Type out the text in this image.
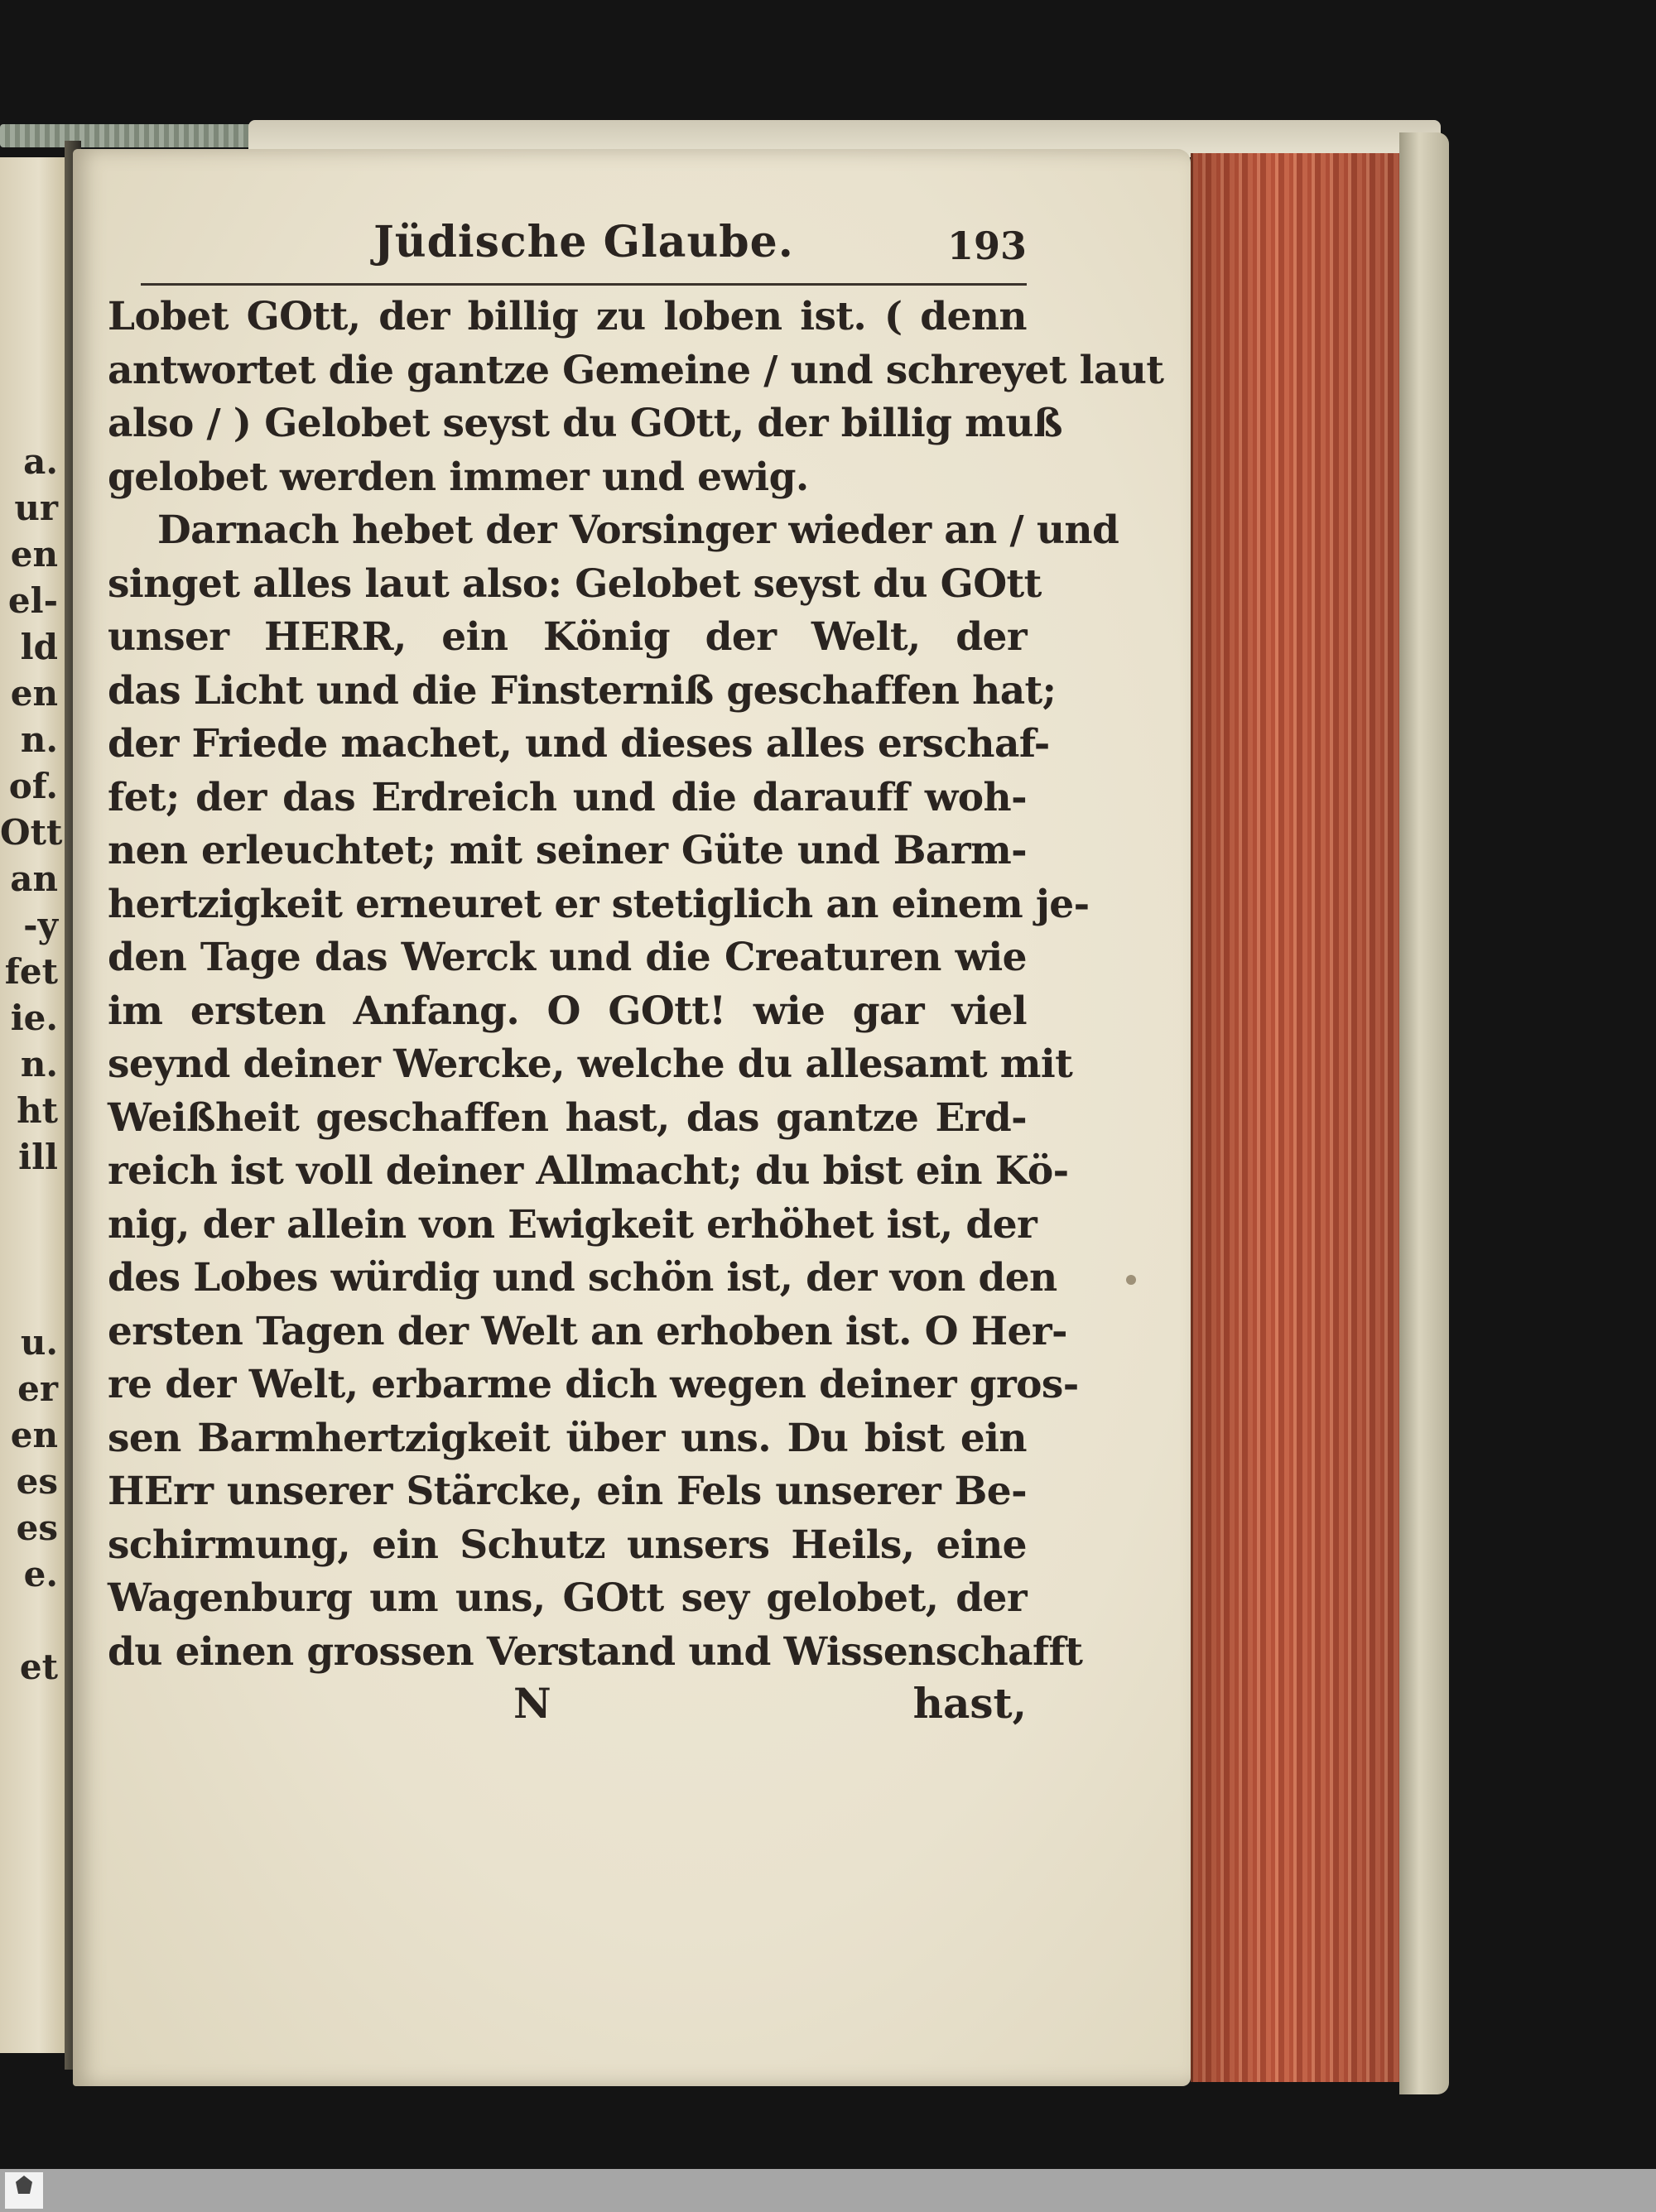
a.
ur
en
el-
ld
en
n.
of.
Ott
an
-y
fet
ie.
n.
ht
ill
u.
er
en
es
es
e.
et
Jüdische Glaube.	193
Lobet GOtt, der billig zu loben ist. ( denn
antwortet die gantze Gemeine / und schreyet laut
also / ) Gelobet seyst du GOtt, der billig muß
gelobet werden immer und ewig.
Darnach hebet der Vorsinger wieder an / und
singet alles laut also: Gelobet seyst du GOtt
unser HERR, ein König der Welt, der
das Licht und die Finsterniß geschaffen hat;
der Friede machet, und dieses alles erschaf-
fet; der das Erdreich und die darauff woh-
nen erleuchtet; mit seiner Güte und Barm-
hertzigkeit erneuret er stetiglich an einem je-
den Tage das Werck und die Creaturen wie
im ersten Anfang. O GOtt! wie gar viel
seynd deiner Wercke, welche du allesamt mit
Weißheit geschaffen hast, das gantze Erd-
reich ist voll deiner Allmacht; du bist ein Kö-
nig, der allein von Ewigkeit erhöhet ist, der
des Lobes würdig und schön ist, der von den
ersten Tagen der Welt an erhoben ist. O Her-
re der Welt, erbarme dich wegen deiner gros-
sen Barmhertzigkeit über uns. Du bist ein
HErr unserer Stärcke, ein Fels unserer Be-
schirmung, ein Schutz unsers Heils, eine
Wagenburg um uns, GOtt sey gelobet, der
du einen grossen Verstand und Wissenschafft
N	hast,
